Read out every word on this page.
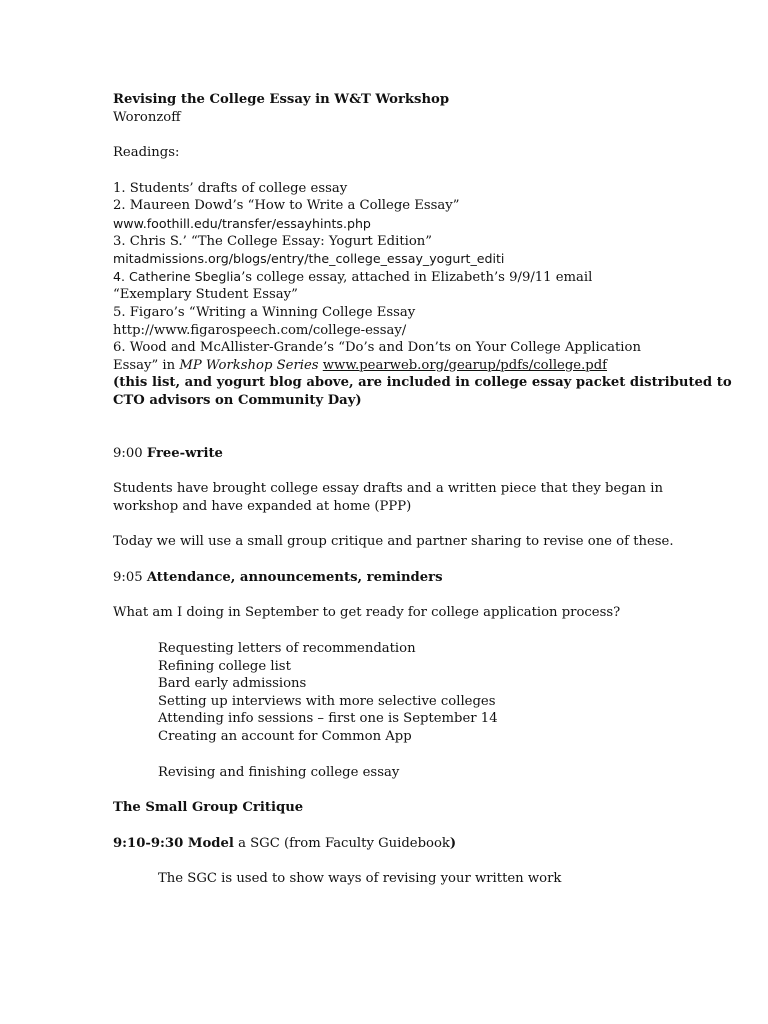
Revising the College Essay in W&T Workshop
Woronzoff
Readings:
1. Students’ drafts of college essay
2. Maureen Dowd’s “How to Write a College Essay”
www.foothill.edu/transfer/essayhints.php
3. Chris S.’ “The College Essay: Yogurt Edition”
mitadmissions.org/blogs/entry/the_college_essay_yogurt_editi
4. Catherine Sbeglia’s college essay, attached in Elizabeth’s 9/9/11 email
“Exemplary Student Essay”
5. Figaro’s “Writing a Winning College Essay
http://www.figarospeech.com/college-essay/
6. Wood and McAllister-Grande’s “Do’s and Don’ts on Your College Application
Essay” in MP Workshop Series www.pearweb.org/gearup/pdfs/college.pdf
(this list, and yogurt blog above, are included in college essay packet distributed to
CTO advisors on Community Day)
9:00 Free-write
Students have brought college essay drafts and a written piece that they began in
workshop and have expanded at home (PPP)
Today we will use a small group critique and partner sharing to revise one of these.
9:05 Attendance, announcements, reminders
What am I doing in September to get ready for college application process?
Requesting letters of recommendation
Refining college list
Bard early admissions
Setting up interviews with more selective colleges
Attending info sessions – first one is September 14
Creating an account for Common App
Revising and finishing college essay
The Small Group Critique
9:10-9:30 Model a SGC (from Faculty Guidebook)
The SGC is used to show ways of revising your written work
